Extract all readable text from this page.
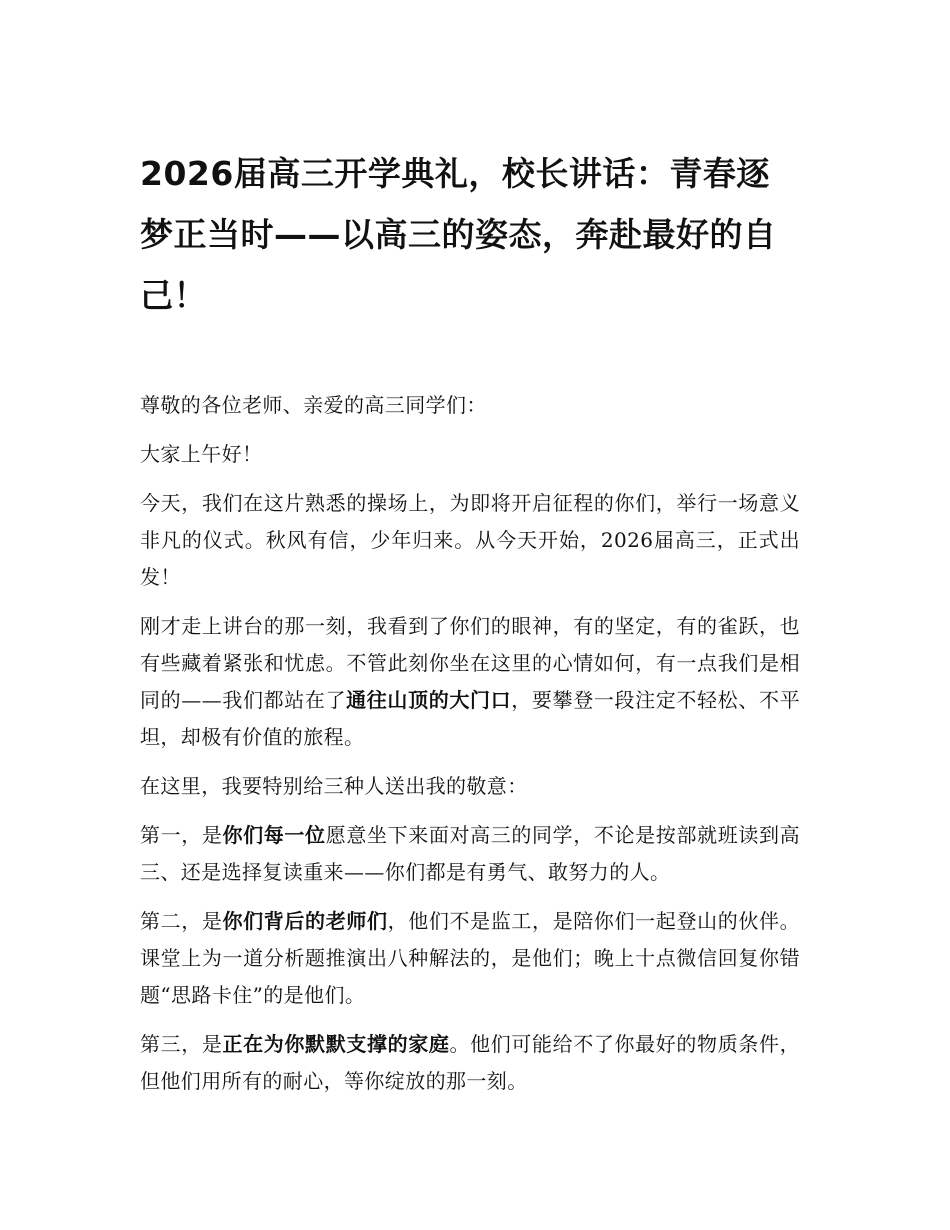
2026届高三开学典礼，校长讲话：青春逐梦正当时——以高三的姿态，奔赴最好的自己！

尊敬的各位老师、亲爱的高三同学们：

大家上午好！

今天，我们在这片熟悉的操场上，为即将开启征程的你们，举行一场意义非凡的仪式。秋风有信，少年归来。从今天开始，2026届高三，正式出发！

刚才走上讲台的那一刻，我看到了你们的眼神，有的坚定，有的雀跃，也有些藏着紧张和忧虑。不管此刻你坐在这里的心情如何，有一点我们是相同的——我们都站在了通往山顶的大门口，要攀登一段注定不轻松、不平坦，却极有价值的旅程。

在这里，我要特别给三种人送出我的敬意：

第一，是你们每一位愿意坐下来面对高三的同学，不论是按部就班读到高三、还是选择复读重来——你们都是有勇气、敢努力的人。

第二，是你们背后的老师们，他们不是监工，是陪你们一起登山的伙伴。课堂上为一道分析题推演出八种解法的，是他们；晚上十点微信回复你错题“思路卡住”的是他们。

第三，是正在为你默默支撑的家庭。他们可能给不了你最好的物质条件，但他们用所有的耐心，等你绽放的那一刻。
